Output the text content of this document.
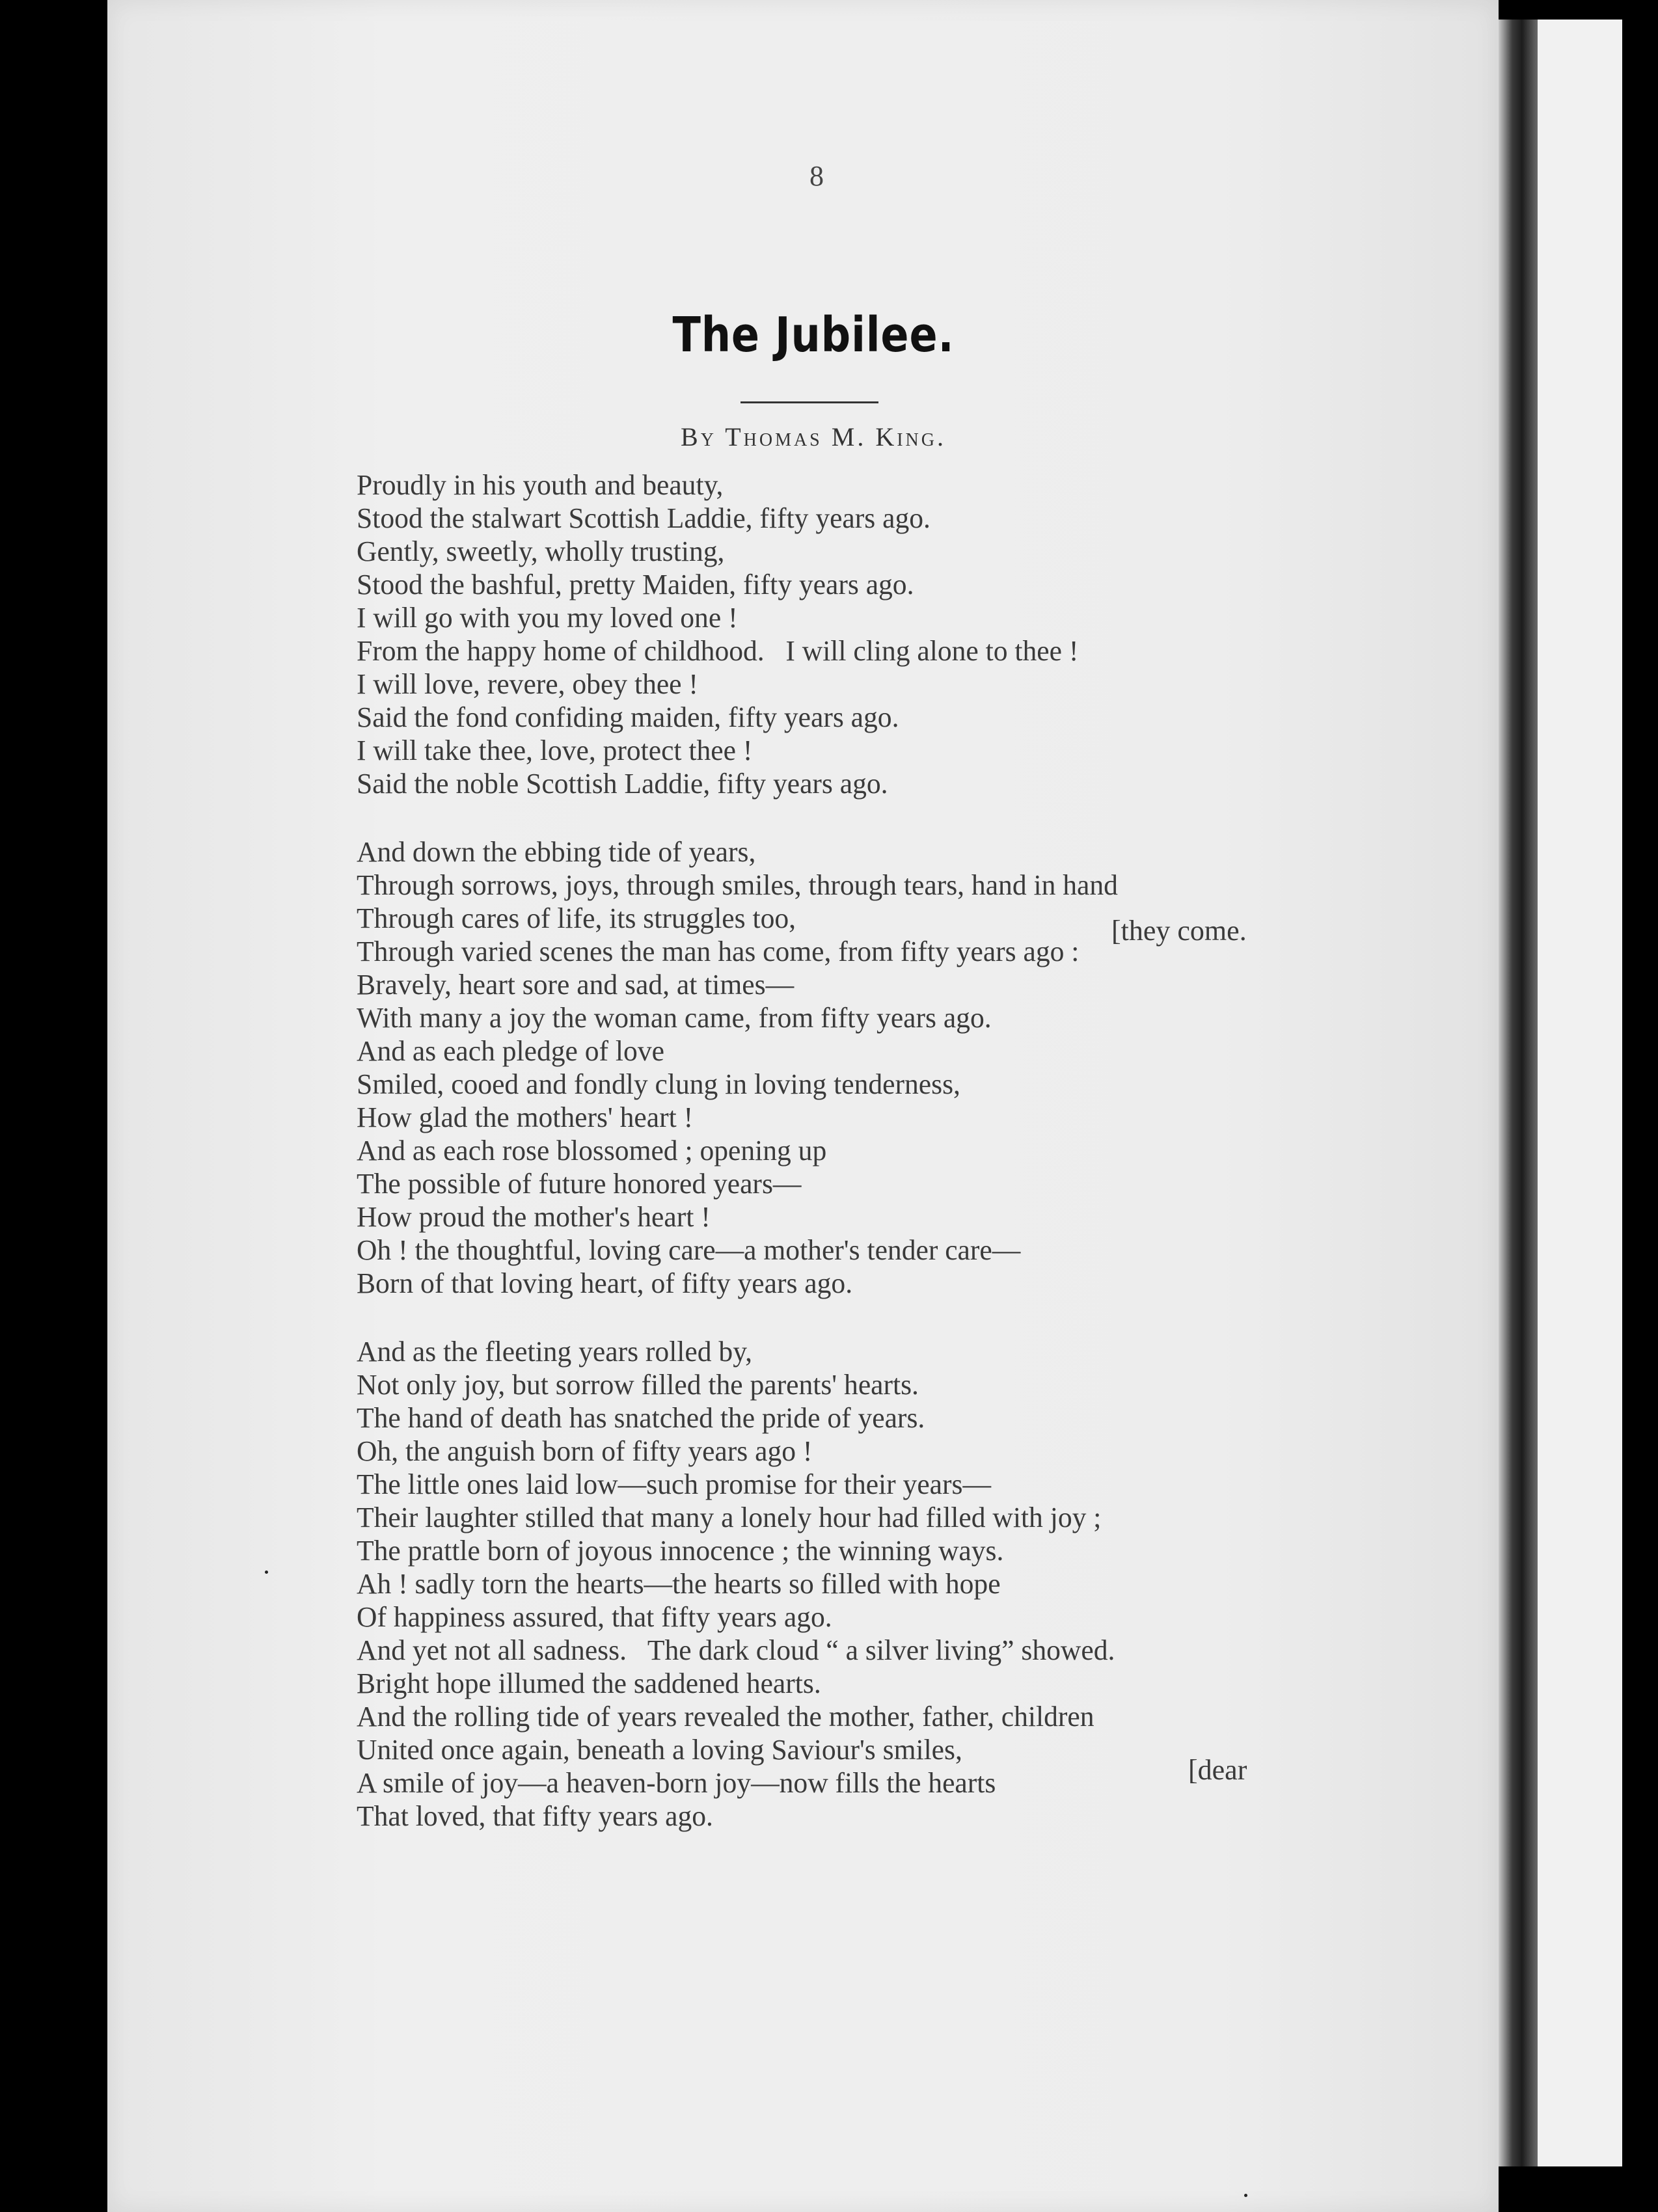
8
The Jubilee.
By Thomas M. King.
Proudly in his youth and beauty,
Stood the stalwart Scottish Laddie, fifty years ago.
Gently, sweetly, wholly trusting,
Stood the bashful, pretty Maiden, fifty years ago.
I will go with you my loved one !
From the happy home of childhood.   I will cling alone to thee !
I will love, revere, obey thee !
Said the fond confiding maiden, fifty years ago.
I will take thee, love, protect thee !
Said the noble Scottish Laddie, fifty years ago.
And down the ebbing tide of years,
Through sorrows, joys, through smiles, through tears, hand in hand
Through cares of life, its struggles too,
Through varied scenes the man has come, from fifty years ago :
Bravely, heart sore and sad, at times—
With many a joy the woman came, from fifty years ago.
And as each pledge of love
Smiled, cooed and fondly clung in loving tenderness,
How glad the mothers' heart !
And as each rose blossomed ; opening up
The possible of future honored years—
How proud the mother's heart !
Oh ! the thoughtful, loving care—a mother's tender care—
Born of that loving heart, of fifty years ago.
And as the fleeting years rolled by,
Not only joy, but sorrow filled the parents' hearts.
The hand of death has snatched the pride of years.
Oh, the anguish born of fifty years ago !
The little ones laid low—such promise for their years—
Their laughter stilled that many a lonely hour had filled with joy ;
The prattle born of joyous innocence ; the winning ways.
Ah ! sadly torn the hearts—the hearts so filled with hope
Of happiness assured, that fifty years ago.
And yet not all sadness.   The dark cloud “ a silver living” showed.
Bright hope illumed the saddened hearts.
And the rolling tide of years revealed the mother, father, children
United once again, beneath a loving Saviour's smiles,
A smile of joy—a heaven-born joy—now fills the hearts
That loved, that fifty years ago.
[they come.
[dear
